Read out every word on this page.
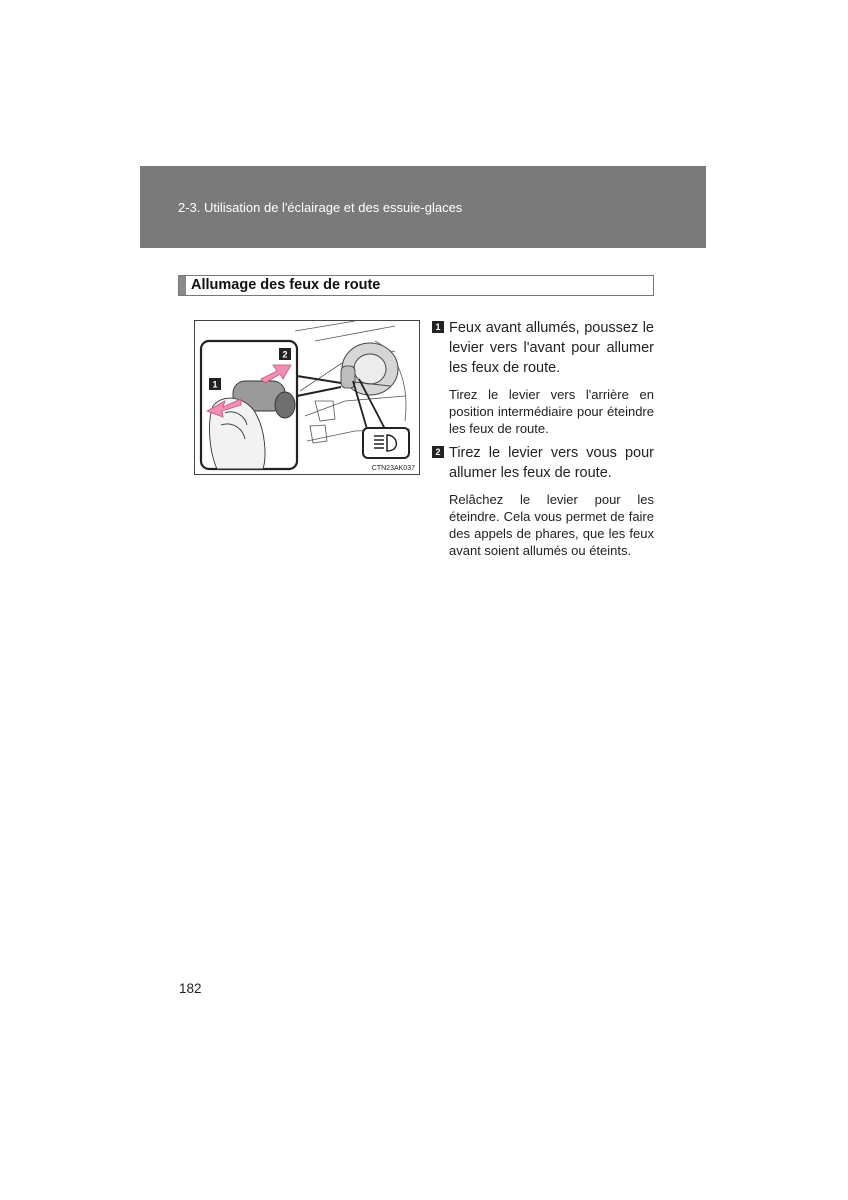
2-3. Utilisation de l'éclairage et des essuie-glaces
Allumage des feux de route
2
1
CTN23AK037
1 Feux avant allumés, poussez le levier vers l'avant pour allumer les feux de route.
Tirez le levier vers l'arrière en position intermédiaire pour éteindre les feux de route.
2 Tirez le levier vers vous pour allumer les feux de route.
Relâchez le levier pour les éteindre. Cela vous permet de faire des appels de phares, que les feux avant soient allumés ou éteints.
182
